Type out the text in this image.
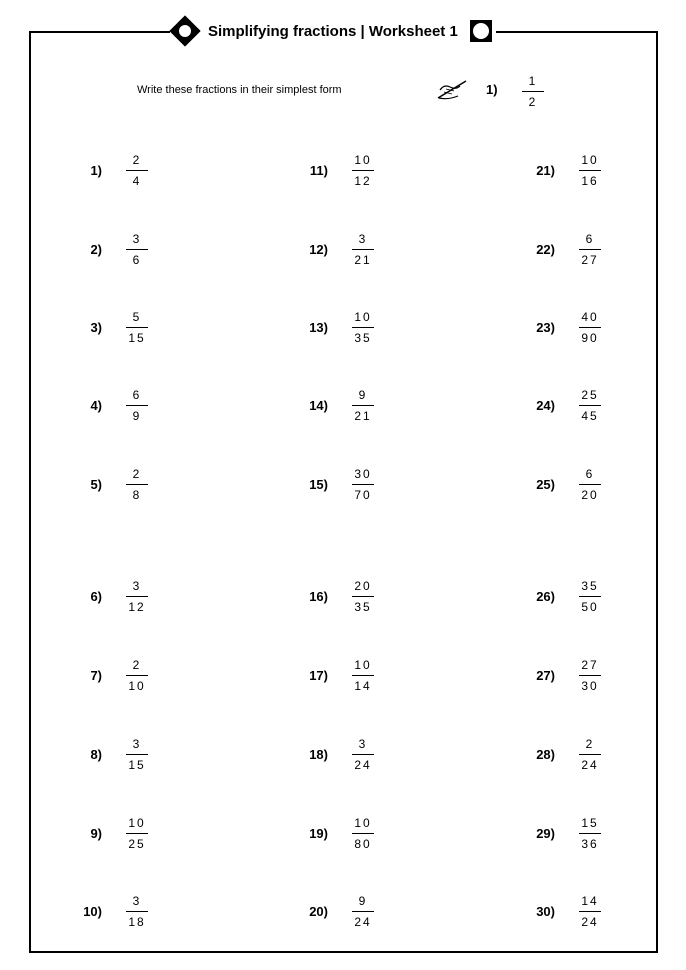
Simplifying fractions | Worksheet 1
Write these fractions in their simplest form	1)
1
2
1)
2
4
2)
3
6
3)
5
15
4)
6
9
5)
2
8
6)
3
12
7)
2
10
8)
3
15
9)
10
25
10)
3
18
11)
10
12
12)
3
21
13)
10
35
14)
9
21
15)
30
70
16)
20
35
17)
10
14
18)
3
24
19)
10
80
20)
9
24
21)
10
16
22)
6
27
23)
40
90
24)
25
45
25)
6
20
26)
35
50
27)
27
30
28)
2
24
29)
15
36
30)
14
24
